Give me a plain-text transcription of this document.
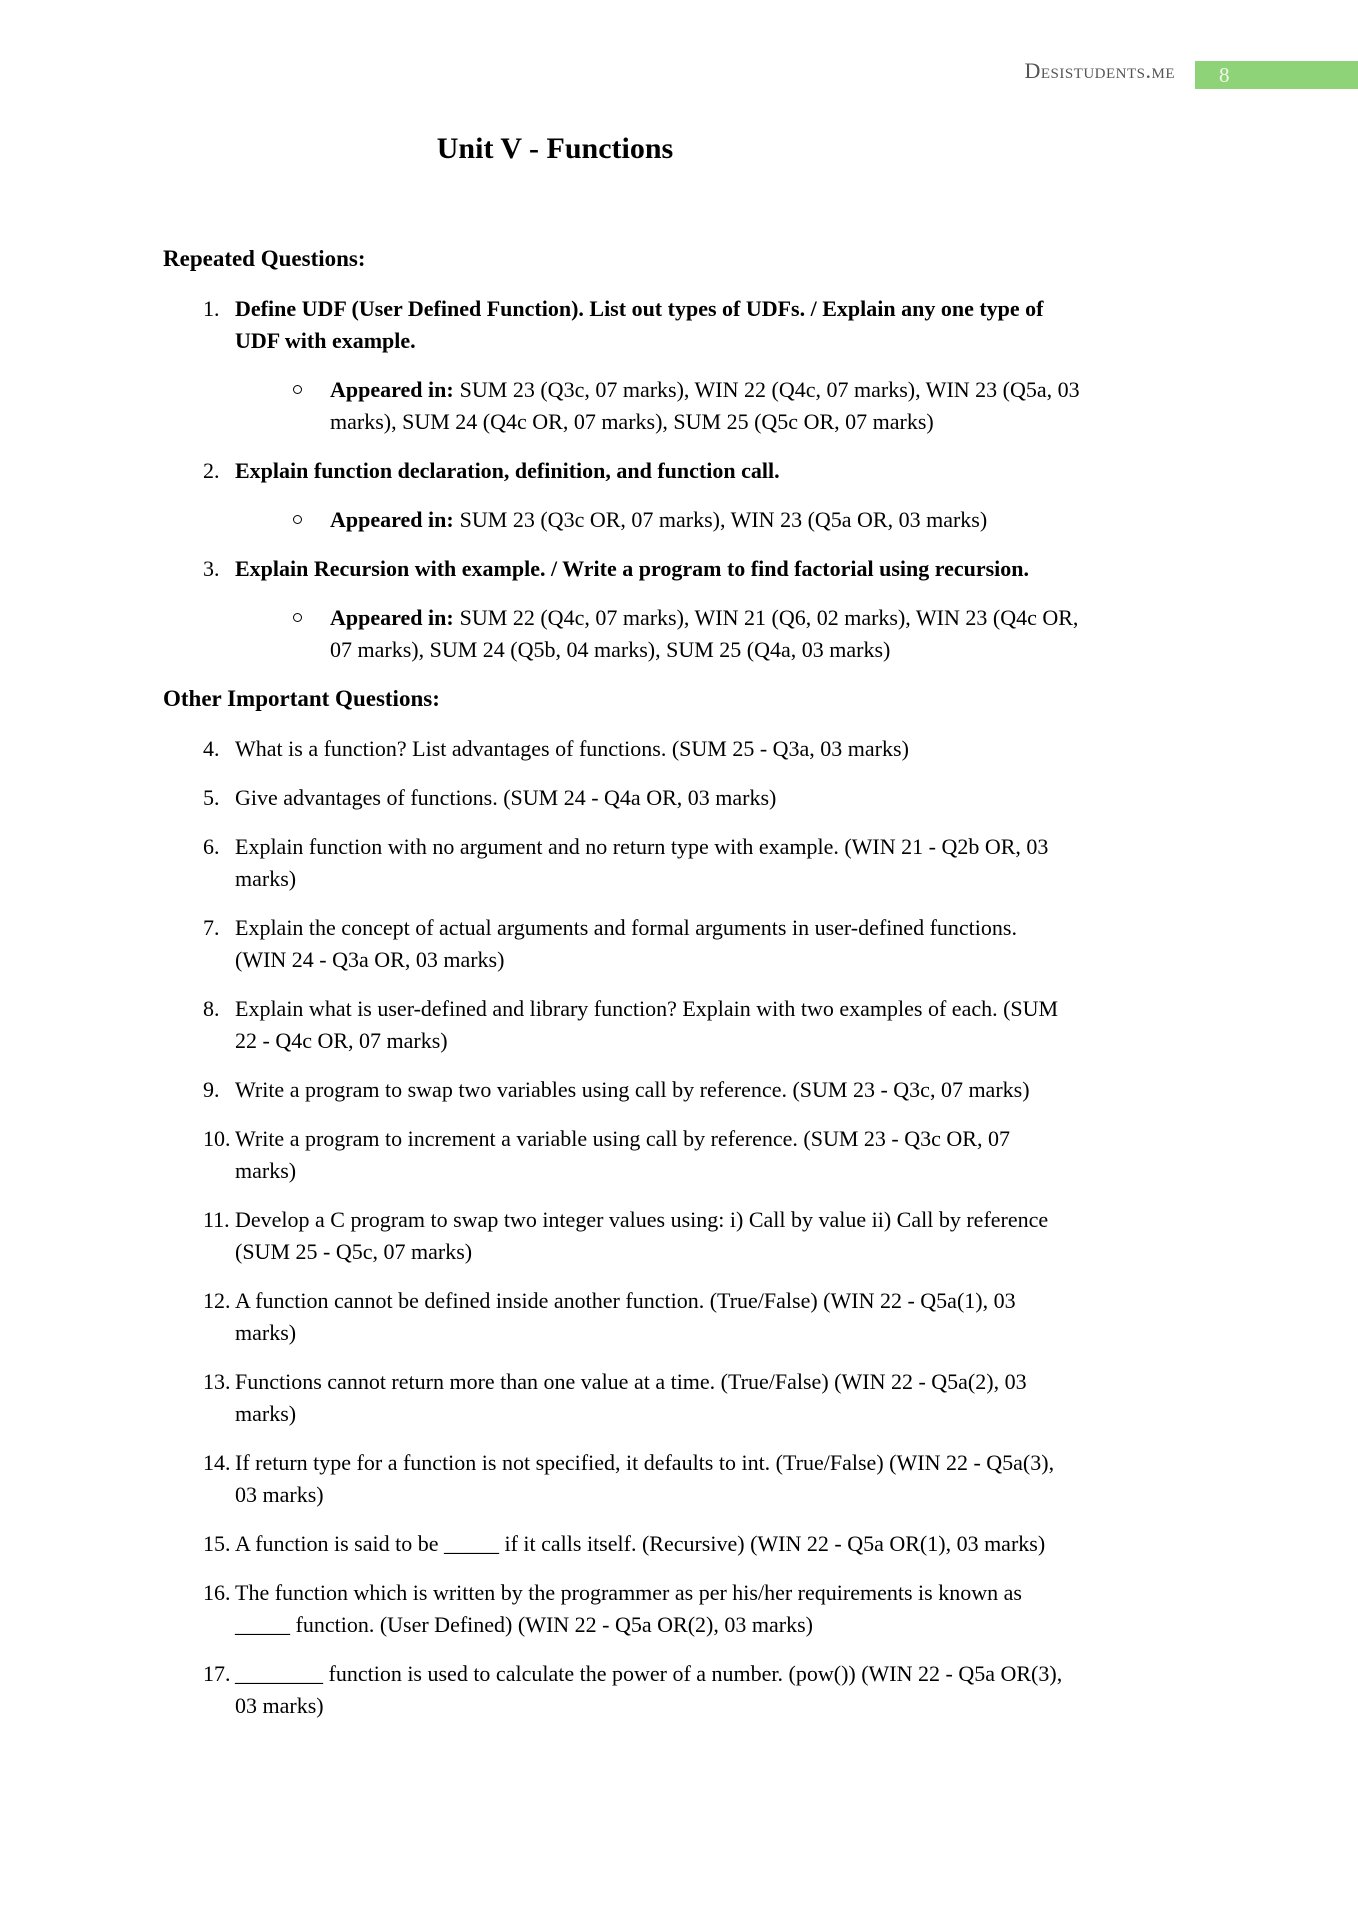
Desistudents.me	8
Unit V - Functions
Repeated Questions:
1. Define UDF (User Defined Function). List out types of UDFs. / Explain any one type of
UDF with example.
Appeared in: SUM 23 (Q3c, 07 marks), WIN 22 (Q4c, 07 marks), WIN 23 (Q5a, 03
marks), SUM 24 (Q4c OR, 07 marks), SUM 25 (Q5c OR, 07 marks)
2. Explain function declaration, definition, and function call.
Appeared in: SUM 23 (Q3c OR, 07 marks), WIN 23 (Q5a OR, 03 marks)
3. Explain Recursion with example. / Write a program to find factorial using recursion.
Appeared in: SUM 22 (Q4c, 07 marks), WIN 21 (Q6, 02 marks), WIN 23 (Q4c OR,
07 marks), SUM 24 (Q5b, 04 marks), SUM 25 (Q4a, 03 marks)
Other Important Questions:
4. What is a function? List advantages of functions. (SUM 25 - Q3a, 03 marks)
5. Give advantages of functions. (SUM 24 - Q4a OR, 03 marks)
6. Explain function with no argument and no return type with example. (WIN 21 - Q2b OR, 03
marks)
7. Explain the concept of actual arguments and formal arguments in user-defined functions.
(WIN 24 - Q3a OR, 03 marks)
8. Explain what is user-defined and library function? Explain with two examples of each. (SUM
22 - Q4c OR, 07 marks)
9. Write a program to swap two variables using call by reference. (SUM 23 - Q3c, 07 marks)
10. Write a program to increment a variable using call by reference. (SUM 23 - Q3c OR, 07
marks)
11. Develop a C program to swap two integer values using: i) Call by value ii) Call by reference
(SUM 25 - Q5c, 07 marks)
12. A function cannot be defined inside another function. (True/False) (WIN 22 - Q5a(1), 03
marks)
13. Functions cannot return more than one value at a time. (True/False) (WIN 22 - Q5a(2), 03
marks)
14. If return type for a function is not specified, it defaults to int. (True/False) (WIN 22 - Q5a(3),
03 marks)
15. A function is said to be _____ if it calls itself. (Recursive) (WIN 22 - Q5a OR(1), 03 marks)
16. The function which is written by the programmer as per his/her requirements is known as
_____ function. (User Defined) (WIN 22 - Q5a OR(2), 03 marks)
17. ________ function is used to calculate the power of a number. (pow()) (WIN 22 - Q5a OR(3),
03 marks)
